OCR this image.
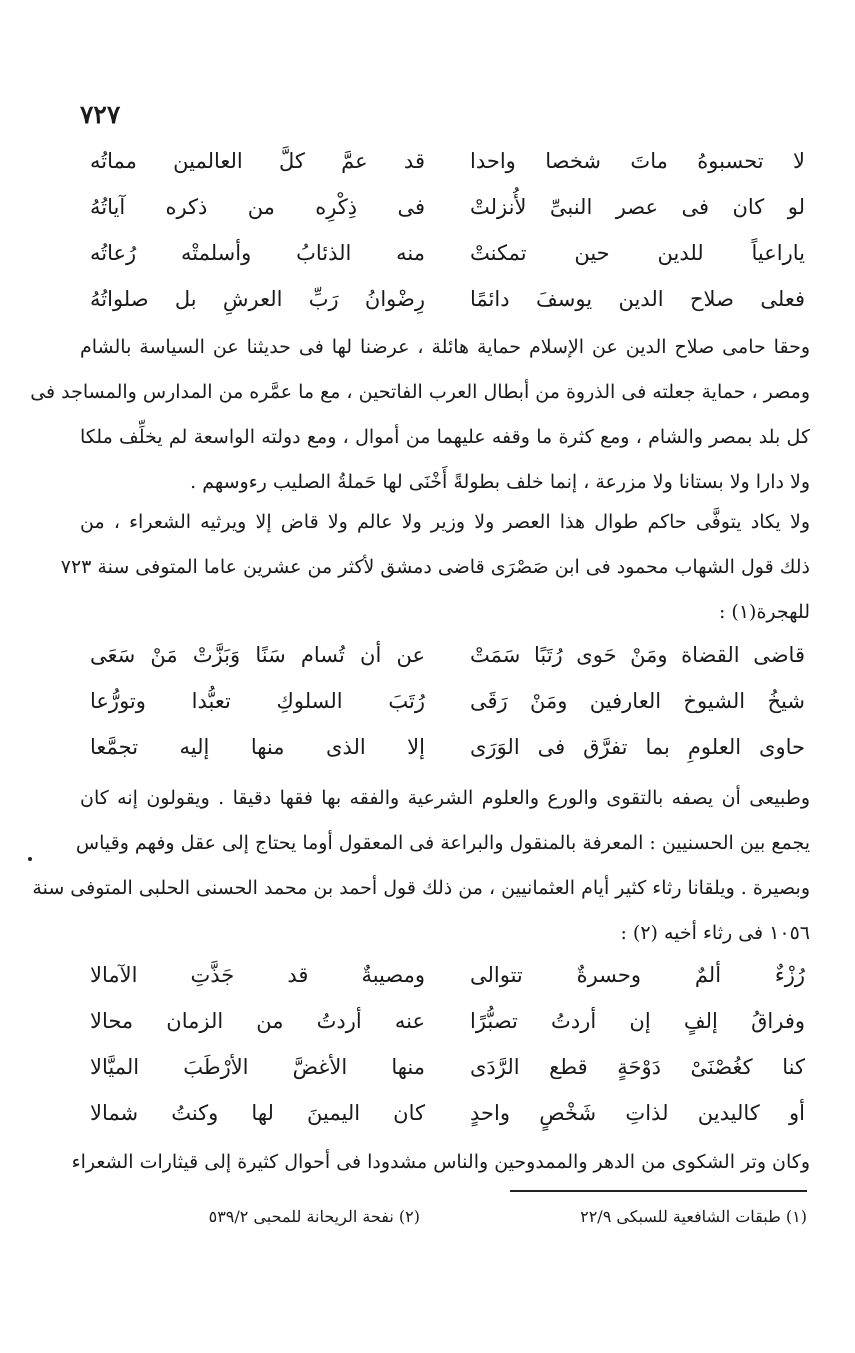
٧٢٧
لا تحسبوهُ ماتَ شخصا واحدا
قد عمَّ كلَّ العالمين مماتُه
لو كان فى عصر النبىِّ لأُنزلتْ
فى ذِكْرِه من ذكره آياتُهُ
ياراعياً للدين حين تمكنتْ
منه الذئابُ وأسلمتْه رُعاتُه
فعلى صلاح الدين يوسفَ دائمًا
رِضْوانُ رَبِّ العرشِ بل صلواتُهُ
وحقا حامى صلاح الدين عن الإسلام حماية هائلة ، عرضنا لها فى حديثنا عن السياسة بالشام
ومصر ، حماية جعلته فى الذروة من أبطال العرب الفاتحين ، مع ما عمَّره من المدارس والمساجد فى
كل بلد بمصر والشام ، ومع كثرة ما وقفه عليهما من أموال ، ومع دولته الواسعة لم يخلِّف ملكا
ولا دارا ولا بستانا ولا مزرعة ، إنما خلف بطولةً أَخْنَى لها حَملةُ الصليب رءوسهم .
ولا يكاد يتوفَّى حاكم طوال هذا العصر ولا وزير ولا عالم ولا قاض إلا ويرثيه الشعراء ، من
ذلك قول الشهاب محمود فى ابن صَصْرَى قاضى دمشق لأكثر من عشرين عاما المتوفى سنة ٧٢٣
للهجرة(١) :
قاضى القضاة ومَنْ حَوى رُتَبًا سَمَتْ
عن أن تُسام سَنًا وَبَزَّتْ مَنْ سَعَى
شيخُ الشيوخ العارفين ومَنْ رَقَى
رُتَبَ السلوكِ تعبُّدا وتورُّعا
حاوى العلومِ بما تفرَّق فى الوَرَى
إلا الذى منها إليه تجمَّعا
وطبيعى أن يصفه بالتقوى والورع والعلوم الشرعية والفقه بها فقها دقيقا . ويقولون إنه كان
يجمع بين الحسنيين : المعرفة بالمنقول والبراعة فى المعقول أوما يحتاج إلى عقل وفهم وقياس
وبصيرة . ويلقانا رثاء كثير أيام العثمانيين ، من ذلك قول أحمد بن محمد الحسنى الحلبى المتوفى سنة
١٠٥٦ فى رثاء أخيه (٢) :
رُزْءٌ ألمٌ وحسرةٌ تتوالى
ومصيبةٌ قد جَذَّتِ الآمالا
وفراقُ إلفٍ إن أردتُ تصبُّرًا
عنه أردتُ من الزمان محالا
كنا كغُصْنَىْ دَوْحَةٍ قطع الرَّدَى
منها الأغضَّ الأرْطَبَ الميَّالا
أو كاليدين لذاتِ شَخْصٍ واحدٍ
كان اليمينَ لها وكنتُ شمالا
وكان وتر الشكوى من الدهر والممدوحين والناس مشدودا فى أحوال كثيرة إلى قيثارات الشعراء
(١) طبقات الشافعية للسبكى ٢٢/٩
(٢) نفحة الريحانة للمحبى ٥٣٩/٢
